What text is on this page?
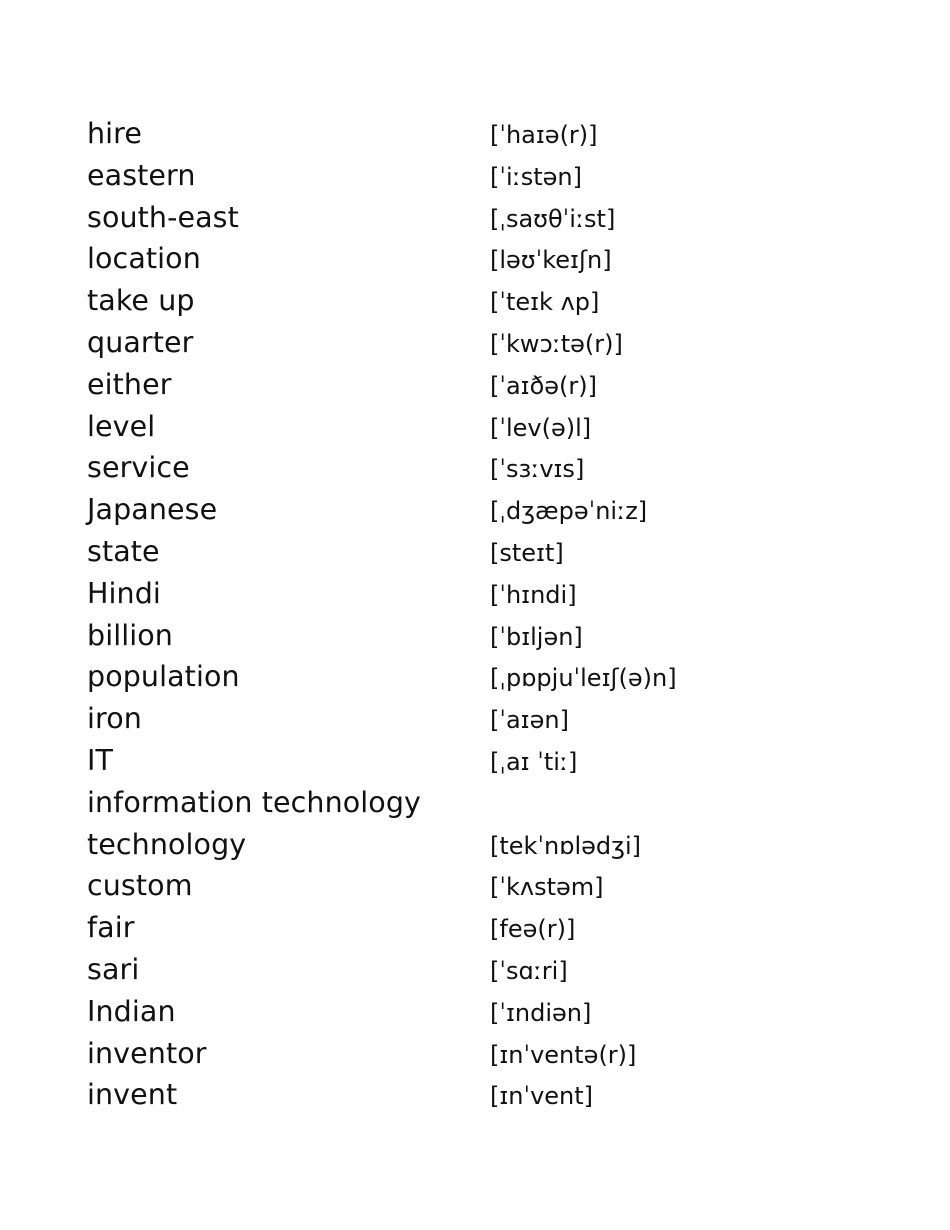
hire	[ˈhaɪə(r)]
eastern	[ˈiːstən]
south-east	[ˌsaʊθˈiːst]
location	[ləʊˈkeɪʃn]
take up	[ˈteɪk ʌp]
quarter	[ˈkwɔːtə(r)]
either	[ˈaɪðə(r)]
level	[ˈlev(ə)l]
service	[ˈsɜːvɪs]
Japanese	[ˌdʒæpəˈniːz]
state	[steɪt]
Hindi	[ˈhɪndi]
billion	[ˈbɪljən]
population	[ˌpɒpjuˈleɪʃ(ə)n]
iron	[ˈaɪən]
IT	[ˌaɪ ˈtiː]
information technology
technology	[tekˈnɒlədʒi]
custom	[ˈkʌstəm]
fair	[feə(r)]
sari	[ˈsɑːri]
Indian	[ˈɪndiən]
inventor	[ɪnˈventə(r)]
invent	[ɪnˈvent]
